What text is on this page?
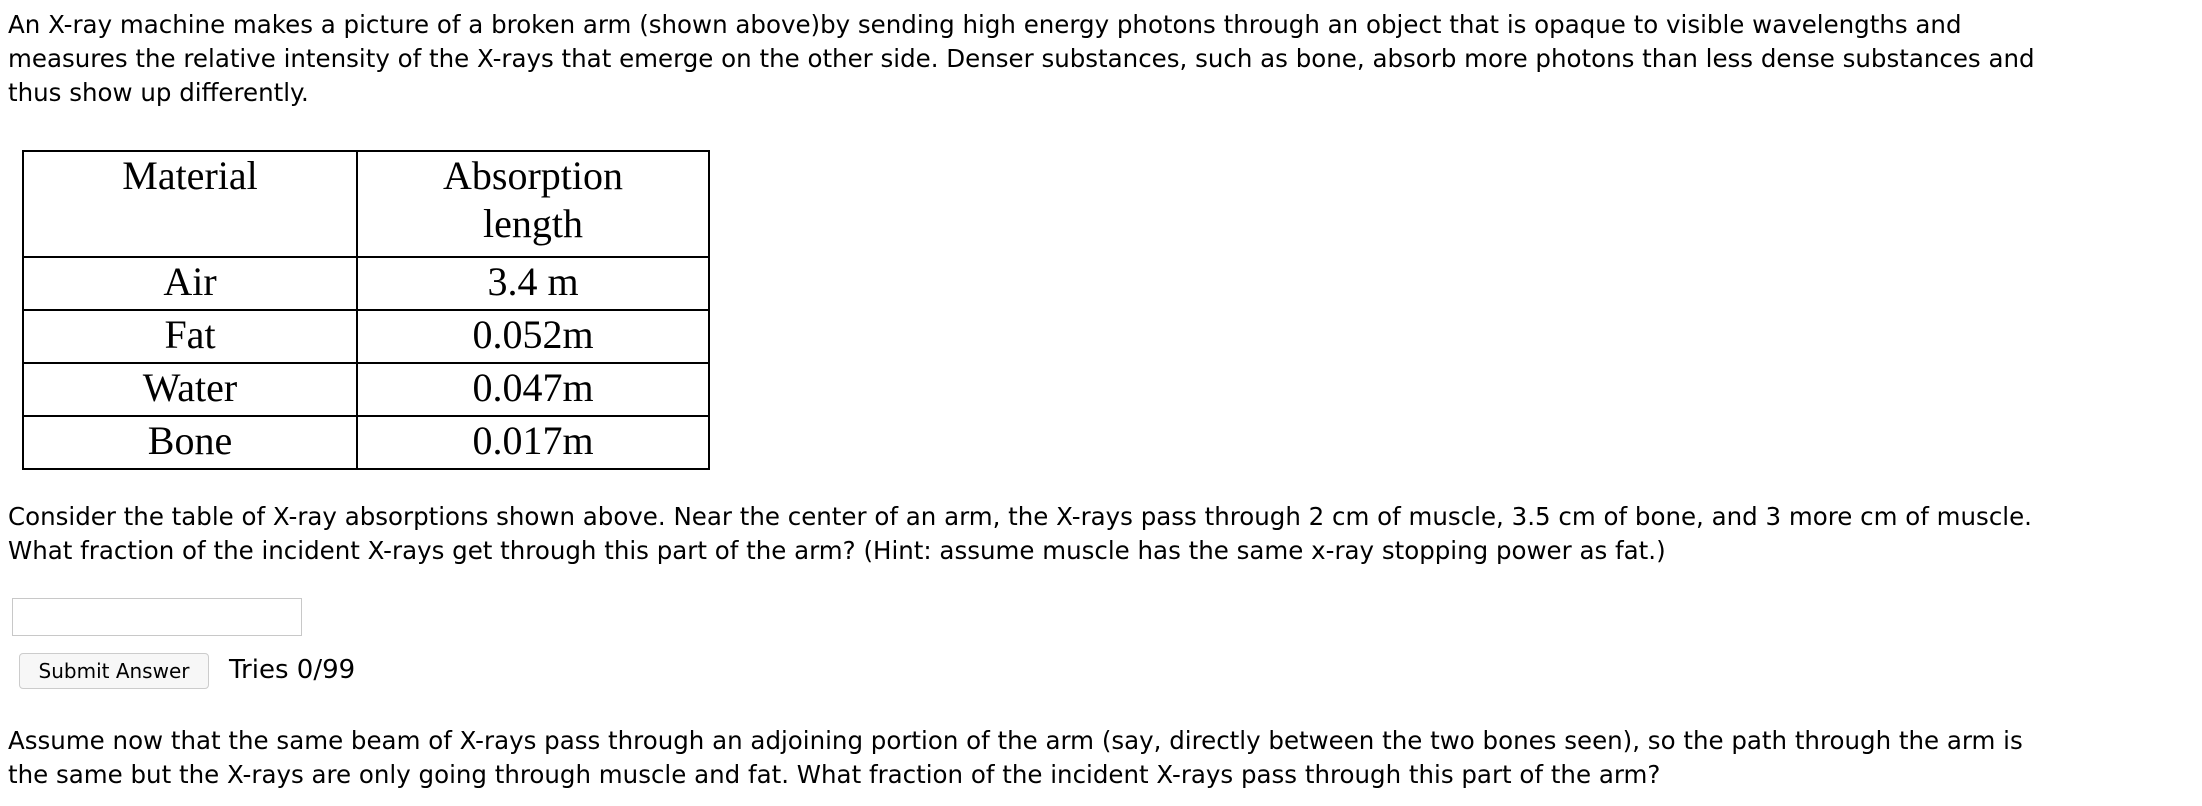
An X-ray machine makes a picture of a broken arm (shown above)by sending high energy photons through an object that is opaque to visible wavelengths and
measures the relative intensity of the X-rays that emerge on the other side. Denser substances, such as bone, absorb more photons than less dense substances and
thus show up differently.
Material	Absorption
length

Air	3.4 m
Fat	0.052m
Water	0.047m
Bone	0.017m
Consider the table of X-ray absorptions shown above. Near the center of an arm, the X-rays pass through 2 cm of muscle, 3.5 cm of bone, and 3 more cm of muscle.
What fraction of the incident X-rays get through this part of the arm? (Hint: assume muscle has the same x-ray stopping power as fat.)
Submit Answer	Tries 0/99
Assume now that the same beam of X-rays pass through an adjoining portion of the arm (say, directly between the two bones seen), so the path through the arm is
the same but the X-rays are only going through muscle and fat. What fraction of the incident X-rays pass through this part of the arm?
